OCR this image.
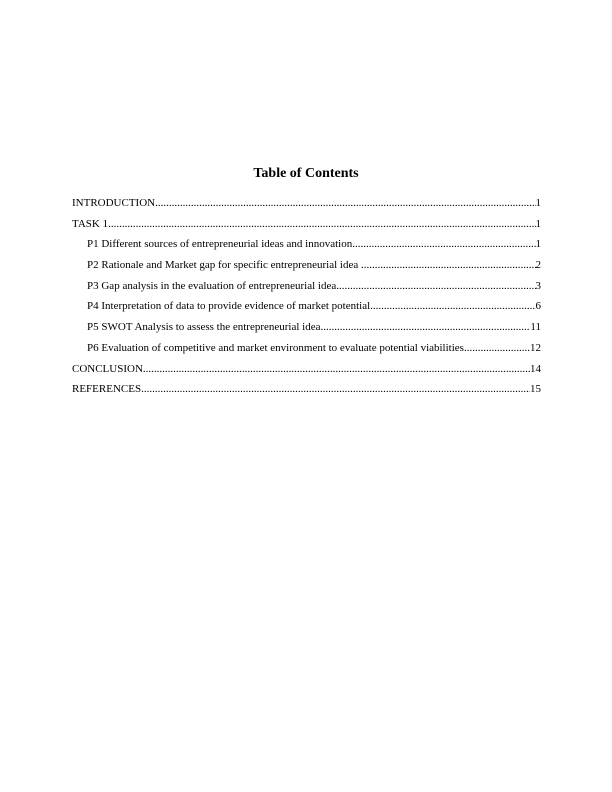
Table of Contents
INTRODUCTION .....	1
TASK 1 .....	1
P1 Different sources of entrepreneurial ideas and innovation .....	1
P2 Rationale and Market gap for specific entrepreneurial idea .....	2
P3 Gap analysis in the evaluation of entrepreneurial idea .....	3
P4 Interpretation of data to provide evidence of market potential .....	6
P5 SWOT Analysis to assess the entrepreneurial idea .....	11
P6 Evaluation of competitive and market environment to evaluate potential viabilities .....	12
CONCLUSION .....	14
REFERENCES .....	15
